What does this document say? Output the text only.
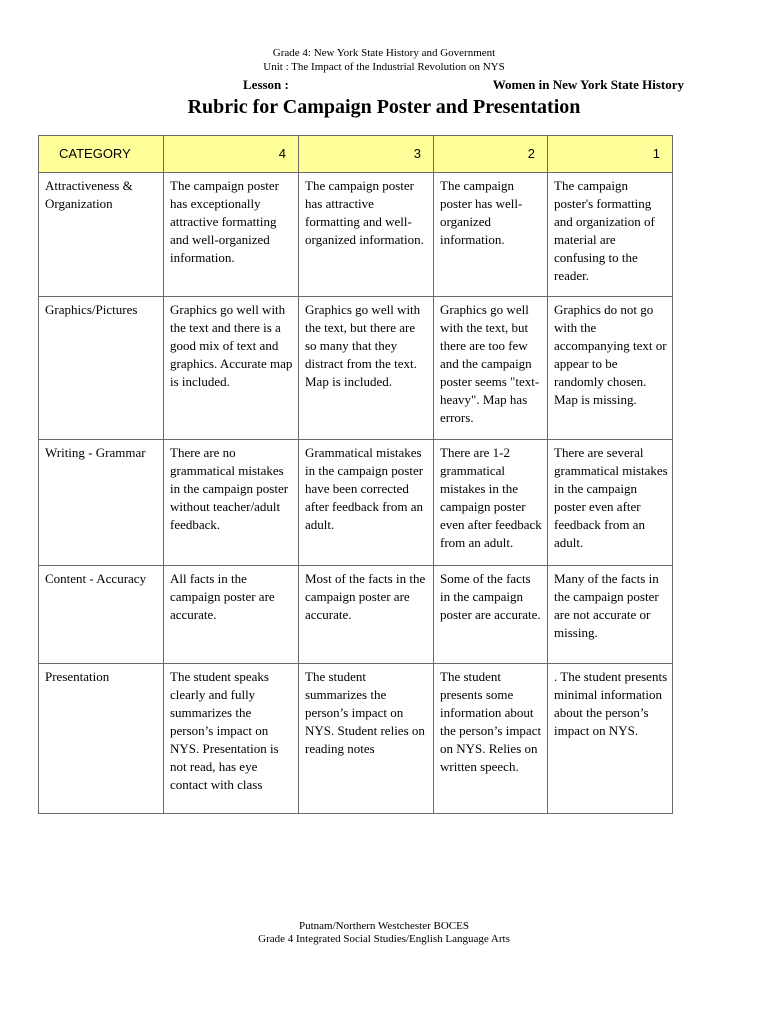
Grade 4: New York State History and Government
Unit : The Impact of the Industrial Revolution on NYS
Lesson :	Women in New York State History
Rubric for Campaign Poster and Presentation
CATEGORY	4	3	2	1
Attractiveness & Organization	The campaign poster has exceptionally attractive formatting and well-organized information.	The campaign poster has attractive formatting and well-organized information.	The campaign poster has well-organized information.	The campaign poster's formatting and organization of material are confusing to the reader.
Graphics/Pictures	Graphics go well with the text and there is a good mix of text and graphics. Accurate map is included.	Graphics go well with the text, but there are so many that they distract from the text. Map is included.	Graphics go well with the text, but there are too few and the campaign poster seems "text-heavy". Map has errors.	Graphics do not go with the accompanying text or appear to be randomly chosen. Map is missing.
Writing - Grammar	There are no grammatical mistakes in the campaign poster without teacher/adult feedback.	Grammatical mistakes in the campaign poster have been corrected after feedback from an adult.	There are 1-2 grammatical mistakes in the campaign poster even after feedback from an adult.	There are several grammatical mistakes in the campaign poster even after feedback from an adult.
Content - Accuracy	All facts in the campaign poster are accurate.	Most of the facts in the campaign poster are accurate.	Some of the facts in the campaign poster are accurate.	Many of the facts in the campaign poster are not accurate or missing.
Presentation	The student speaks clearly and fully summarizes the person’s impact on NYS. Presentation is not read, has eye contact with class	The student summarizes the person’s impact on NYS. Student relies on reading notes	The student presents some information about the person’s impact on NYS. Relies on written speech.	. The student presents minimal information about the person’s impact on NYS.
Putnam/Northern Westchester BOCES
Grade 4 Integrated Social Studies/English Language Arts
